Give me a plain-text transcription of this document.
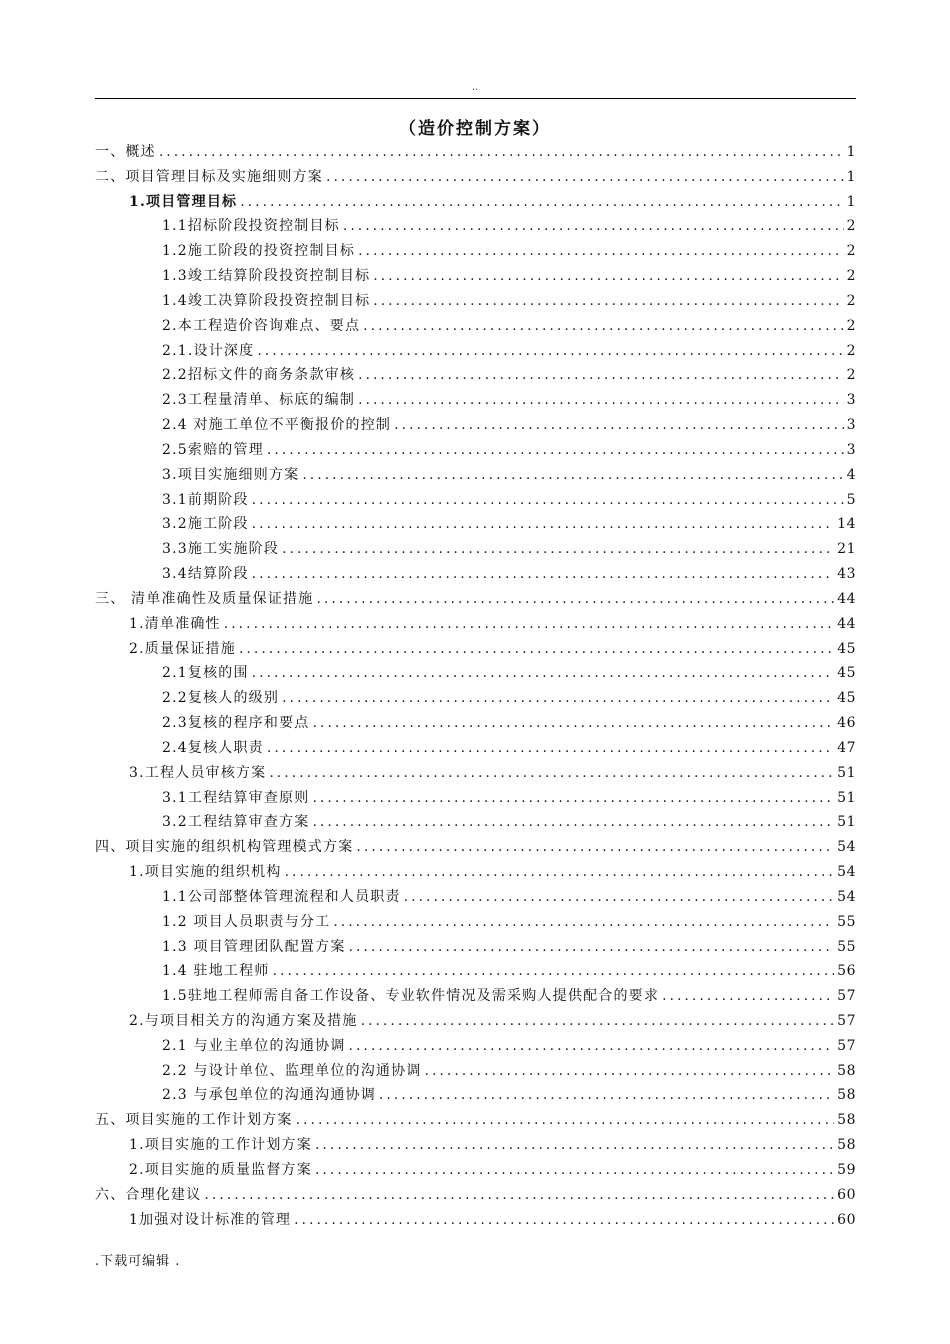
..
（造价控制方案）
一、概述 .....	1
二、项目管理目标及实施细则方案 .....	1
1.项目管理目标 .....	1
1.1招标阶段投资控制目标 .....	2
1.2施工阶段的投资控制目标 .....	2
1.3竣工结算阶段投资控制目标 .....	2
1.4竣工决算阶段投资控制目标 .....	2
2.本工程造价咨询难点、要点 .....	2
2.1.设计深度 .....	2
2.2招标文件的商务条款审核 .....	2
2.3工程量清单、标底的编制 .....	3
2.4 对施工单位不平衡报价的控制 .....	3
2.5索赔的管理 .....	3
3.项目实施细则方案 .....	4
3.1前期阶段 .....	5
3.2施工阶段 .....	14
3.3施工实施阶段 .....	21
3.4结算阶段 .....	43
三、 清单准确性及质量保证措施 .....	44
1.清单准确性 .....	44
2.质量保证措施 .....	45
2.1复核的围 .....	45
2.2复核人的级别 .....	45
2.3复核的程序和要点 .....	46
2.4复核人职责 .....	47
3.工程人员审核方案 .....	51
3.1工程结算审查原则 .....	51
3.2工程结算审查方案 .....	51
四、项目实施的组织机构管理模式方案 .....	54
1.项目实施的组织机构 .....	54
1.1公司部整体管理流程和人员职责 .....	54
1.2 项目人员职责与分工 .....	55
1.3 项目管理团队配置方案 .....	55
1.4 驻地工程师 .....	56
1.5驻地工程师需自备工作设备、专业软件情况及需采购人提供配合的要求 .....	57
2.与项目相关方的沟通方案及措施 .....	57
2.1 与业主单位的沟通协调 .....	57
2.2 与设计单位、监理单位的沟通协调 .....	58
2.3 与承包单位的沟通沟通协调 .....	58
五、项目实施的工作计划方案 .....	58
1.项目实施的工作计划方案 .....	58
2.项目实施的质量监督方案 .....	59
六、合理化建议 .....	60
1加强对设计标准的管理 .....	60
.下载可编辑 .
